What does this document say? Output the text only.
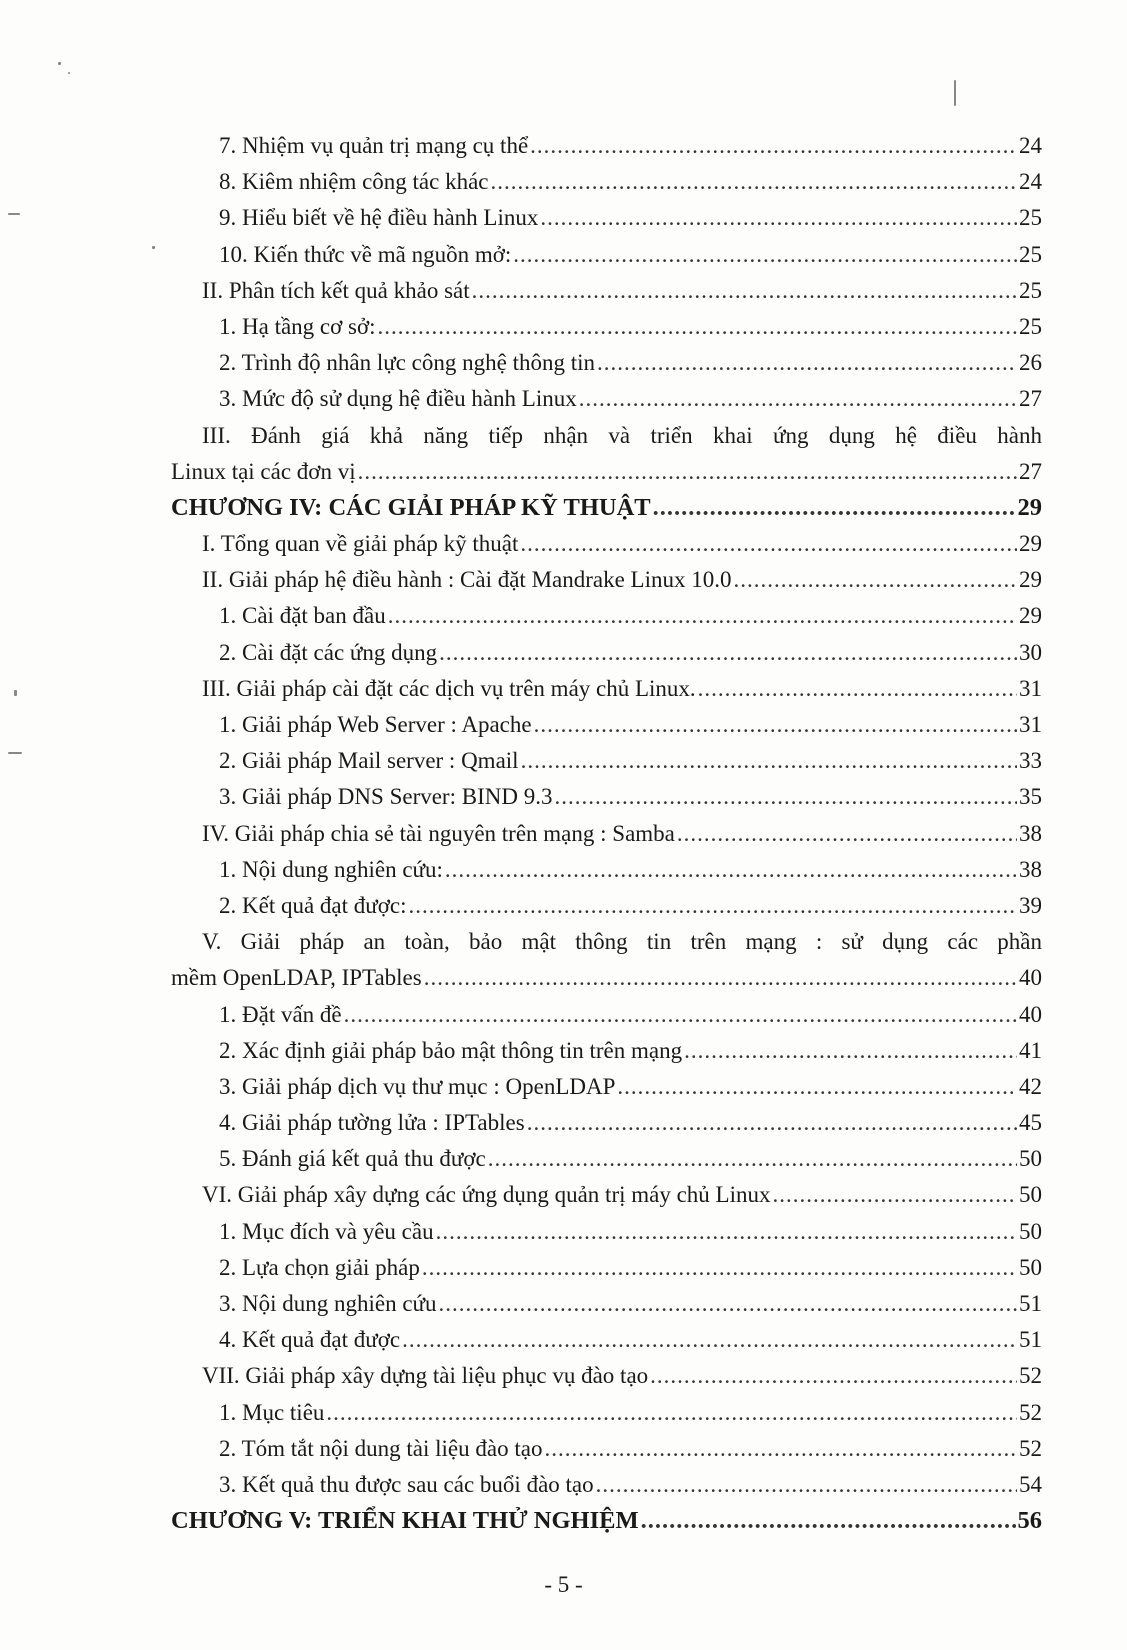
7. Nhiệm vụ quản trị mạng cụ thể .....	24
8. Kiêm nhiệm công tác khác .....	24
9. Hiểu biết về hệ điều hành Linux .....	25
10. Kiến thức về mã nguồn mở: .....	25
II. Phân tích kết quả khảo sát .....	25
1. Hạ tầng cơ sở: .....	25
2. Trình độ nhân lực công nghệ thông tin .....	26
3. Mức độ sử dụng hệ điều hành Linux .....	27
III. Đánh giá khả năng tiếp nhận và triển khai ứng dụng hệ điều hành
Linux tại các đơn vị .....	27
CHƯƠNG IV: CÁC GIẢI PHÁP KỸ THUẬT .....	29
I. Tổng quan về giải pháp kỹ thuật .....	29
II. Giải pháp hệ điều hành : Cài đặt Mandrake Linux 10.0 .....	29
1. Cài đặt ban đầu .....	29
2. Cài đặt các ứng dụng .....	30
III. Giải pháp cài đặt các dịch vụ trên máy chủ Linux. .....	31
1. Giải pháp Web Server : Apache .....	31
2. Giải pháp Mail server : Qmail .....	33
3. Giải pháp DNS Server: BIND 9.3 .....	35
IV. Giải pháp chia sẻ tài nguyên trên mạng : Samba .....	38
1. Nội dung nghiên cứu: .....	38
2. Kết quả đạt được: .....	39
V. Giải pháp an toàn, bảo mật thông tin trên mạng : sử dụng các phần
mềm OpenLDAP, IPTables .....	40
1. Đặt vấn đề .....	40
2. Xác định giải pháp bảo mật thông tin trên mạng .....	41
3. Giải pháp dịch vụ thư mục : OpenLDAP .....	42
4. Giải pháp tường lửa : IPTables .....	45
5. Đánh giá kết quả thu được .....	50
VI. Giải pháp xây dựng các ứng dụng quản trị máy chủ Linux .....	50
1. Mục đích và yêu cầu .....	50
2. Lựa chọn giải pháp .....	50
3. Nội dung nghiên cứu .....	51
4. Kết quả đạt được .....	51
VII. Giải pháp xây dựng tài liệu phục vụ đào tạo .....	52
1. Mục tiêu .....	52
2. Tóm tắt nội dung tài liệu đào tạo .....	52
3. Kết quả thu được sau các buổi đào tạo .....	54
CHƯƠNG V: TRIỂN KHAI THỬ NGHIỆM .....	56
- 5 -
